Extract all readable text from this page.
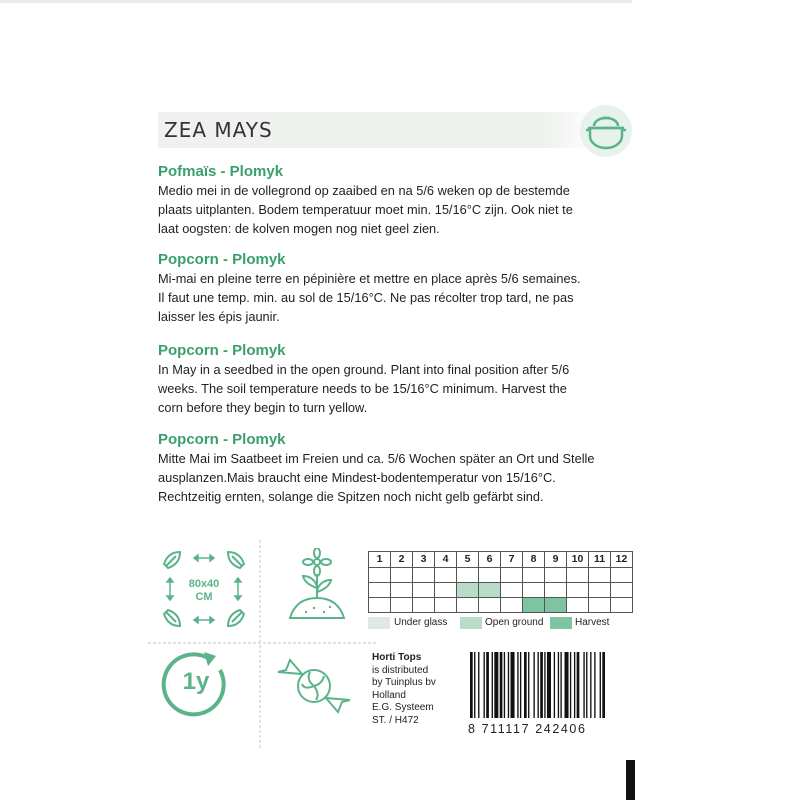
ZEA MAYS
Pofmaïs - Plomyk

Medio mei in de vollegrond op zaaibed en na 5/6 weken op de bestemde

plaats uitplanten. Bodem temperatuur moet min. 15/16°C zijn. Ook niet te

laat oogsten: de kolven mogen nog niet geel zien.

Popcorn - Plomyk

Mi-mai en pleine terre en pépinière et mettre en place après 5/6 semaines.

Il faut une temp. min. au sol de 15/16°C. Ne pas récolter trop tard, ne pas

laisser les épis jaunir.

Popcorn - Plomyk

In May in a seedbed in the open ground. Plant into final position after 5/6

weeks. The soil temperature needs to be 15/16°C minimum. Harvest the

corn before they begin to turn yellow.

Popcorn - Plomyk

Mitte Mai im Saatbeet im Freien und ca. 5/6 Wochen später an Ort und Stelle

ausplanzen.Mais braucht eine Mindest-bodentemperatur von 15/16°C.

Rechtzeitig ernten, solange die Spitzen noch nicht gelb gefärbt sind.

80x40
CM
1y
1	2	3	4	5	6	7	8	9	10	11	12

Under glass	Open ground	Harvest
Horti Tops
is distributed
by Tuinplus bv
Holland
E.G. Systeem
ST. / H472
8 711117 242406
